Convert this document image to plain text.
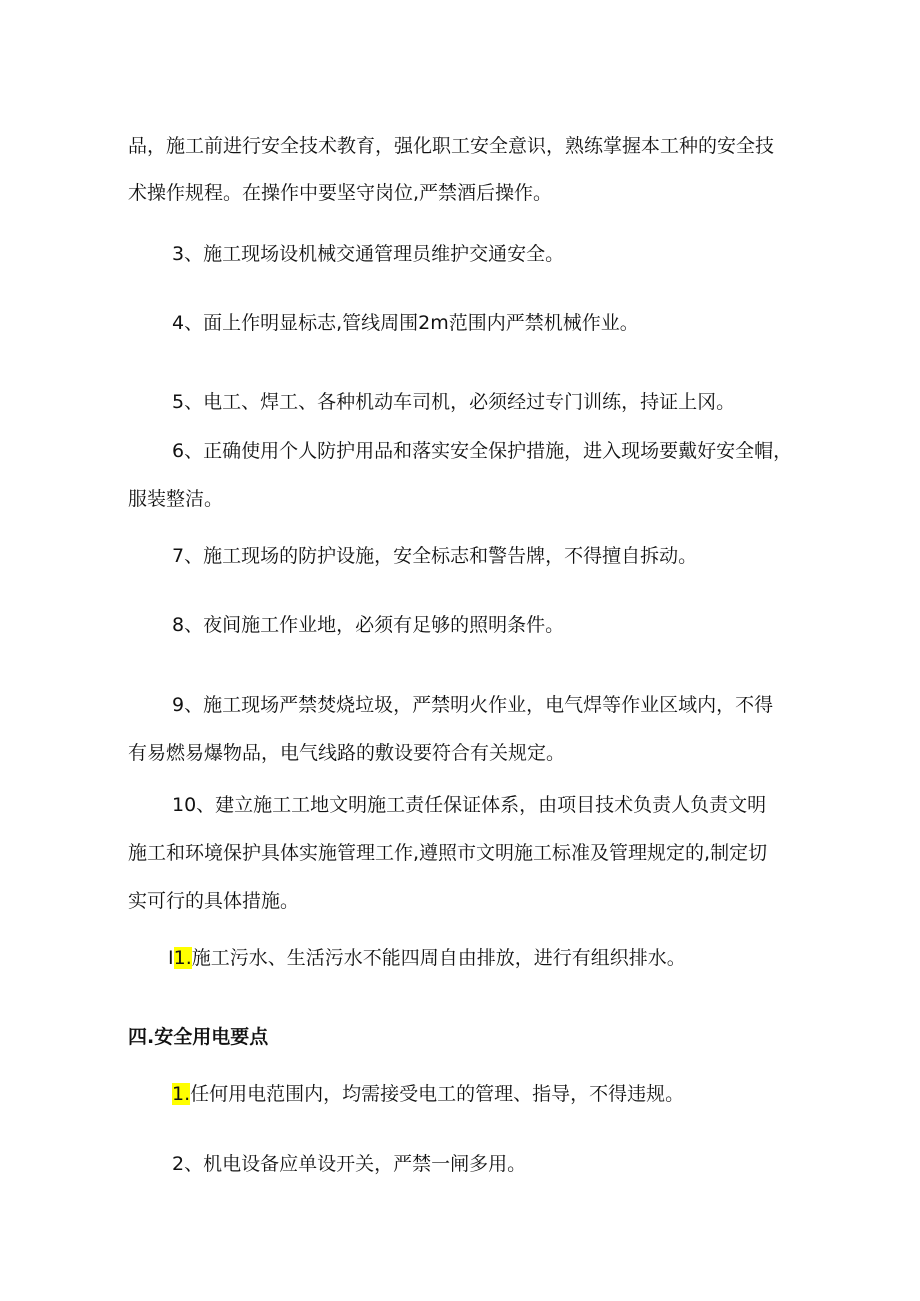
品，施工前进行安全技术教育，强化职工安全意识，熟练掌握本工种的安全技
术操作规程。在操作中要坚守岗位,严禁酒后操作。
3、施工现场设机械交通管理员维护交通安全。
4、面上作明显标志,管线周围2m范围内严禁机械作业。
5、电工、焊工、各种机动车司机，必须经过专门训练，持证上冈。
6、正确使用个人防护用品和落实安全保护措施，进入现场要戴好安全帽，
服装整洁。
7、施工现场的防护设施，安全标志和警告牌，不得擅自拆动。
8、夜间施工作业地，必须有足够的照明条件。
9、施工现场严禁焚烧垃圾，严禁明火作业，电气焊等作业区域内，不得
有易燃易爆物品，电气线路的敷设要符合有关规定。
10、建立施工工地文明施工责任保证体系，由项目技术负责人负责文明
施工和环境保护具体实施管理工作,遵照市文明施工标准及管理规定的,制定切
实可行的具体措施。
I1.施工污水、生活污水不能四周自由排放，进行有组织排水。
四.安全用电要点
1.任何用电范围内，均需接受电工的管理、指导，不得违规。
2、机电设备应单设开关，严禁一闸多用。
